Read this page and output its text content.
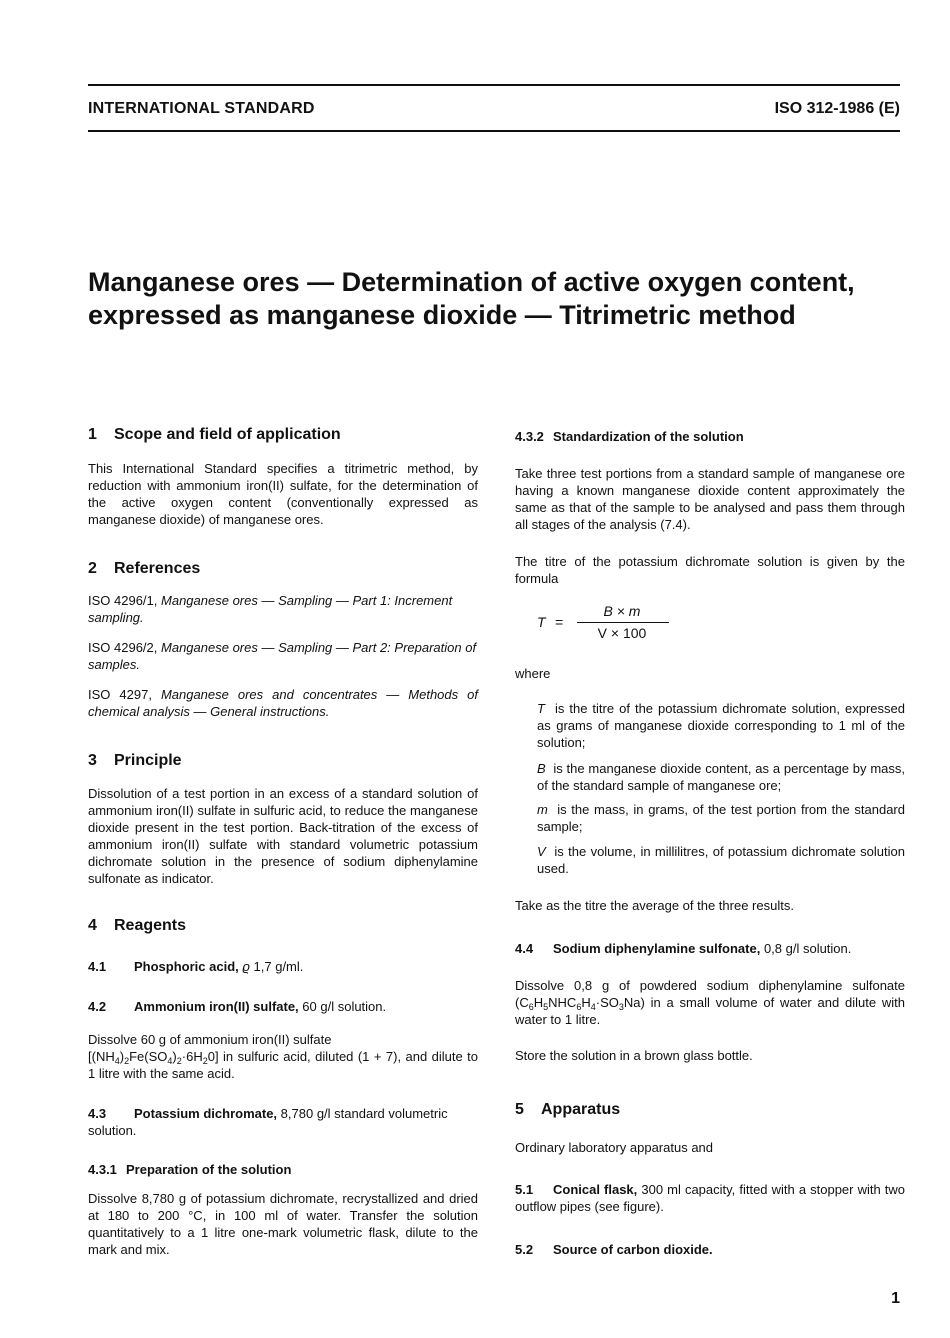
INTERNATIONAL STANDARD	ISO 312-1986 (E)
Manganese ores — Determination of active oxygen content, expressed as manganese dioxide — Titrimetric method
1 Scope and field of application

This International Standard specifies a titrimetric method, by reduction with ammonium iron(II) sulfate, for the determination of the active oxygen content (conventionally expressed as manganese dioxide) of manganese ores.

2 References

ISO 4296/1, Manganese ores — Sampling — Part 1: Increment sampling.

ISO 4296/2, Manganese ores — Sampling — Part 2: Preparation of samples.

ISO 4297, Manganese ores and concentrates — Methods of chemical analysis — General instructions.

3 Principle

Dissolution of a test portion in an excess of a standard solution of ammonium iron(II) sulfate in sulfuric acid, to reduce the manganese dioxide present in the test portion. Back-titration of the excess of ammonium iron(II) sulfate with standard volumetric potassium dichromate solution in the presence of sodium diphenylamine sulfonate as indicator.

4 Reagents
4.1 Phosphoric acid, ϱ 1,7 g/ml.
4.2 Ammonium iron(II) sulfate, 60 g/l solution.

Dissolve 60 g of ammonium iron(II) sulfate
$[(NH_4)_2Fe(SO_4)_2\cdot 6H_20]$ in sulfuric acid, diluted (1 + 7), and dilute to 1 litre with the same acid.

4.3 Potassium dichromate, 8,780 g/l standard volumetric solution.

4.3.1 Preparation of the solution

Dissolve 8,780 g of potassium dichromate, recrystallized and dried at 180 to 200 °C, in 100 ml of water. Transfer the solution quantitatively to a 1 litre one-mark volumetric flask, dilute to the mark and mix.

4.3.2 Standardization of the solution

Take three test portions from a standard sample of manganese ore having a known manganese dioxide content approximately the same as that of the sample to be analysed and pass them through all stages of the analysis (7.4).

The titre of the potassium dichromate solution is given by the formula

T =
B × m
V × 100

where

T is the titre of the potassium dichromate solution, expressed as grams of manganese dioxide corresponding to 1 ml of the solution;

B is the manganese dioxide content, as a percentage by mass, of the standard sample of manganese ore;

m is the mass, in grams, of the test portion from the standard sample;

V is the volume, in millilitres, of potassium dichromate solution used.

Take as the titre the average of the three results.

4.4 Sodium diphenylamine sulfonate, 0,8 g/l solution.

Dissolve 0,8 g of powdered sodium diphenylamine sulfonate $(C_6H_5NHC_6H_4\cdot SO_3Na)$ in a small volume of water and dilute with water to 1 litre.

Store the solution in a brown glass bottle.

5 Apparatus

Ordinary laboratory apparatus and

5.1 Conical flask, 300 ml capacity, fitted with a stopper with two outflow pipes (see figure).

5.2 Source of carbon dioxide.
1
